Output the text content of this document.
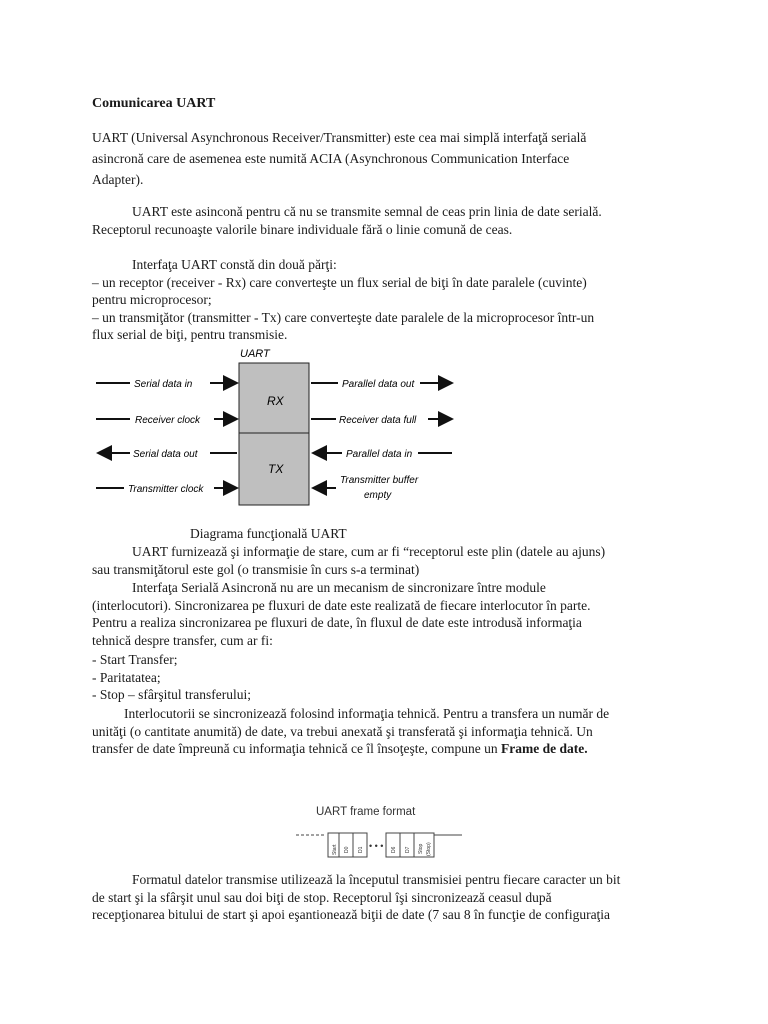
Comunicarea UART
UART (Universal Asynchronous Receiver/Transmitter) este cea mai simplă interfaţă serială
asincronă care de asemenea este numită ACIA (Asynchronous Communication Interface
Adapter).
UART este asinconă pentru că nu se transmite semnal de ceas prin linia de date serială.
Receptorul recunoaşte valorile binare individuale fără o linie comună de ceas.
Interfaţa UART constă din două părţi:
– un receptor (receiver - Rx) care converteşte un flux serial de biţi în date paralele (cuvinte)
pentru microprocesor;
– un transmiţător (transmitter - Tx) care converteşte date paralele de la microprocesor într-un
flux serial de biţi, pentru transmisie.
UART
RX
TX
Serial data in
Receiver clock
Serial data out
Transmitter clock
Parallel data out
Receiver data full
Parallel data in
Transmitter buffer
empty
Diagrama funcţională UART
UART furnizează şi informaţie de stare, cum ar fi “receptorul este plin (datele au ajuns)
sau transmiţătorul este gol (o transmisie în curs s-a terminat)
Interfaţa Serială Asincronă nu are un mecanism de sincronizare între module
(interlocutori). Sincronizarea pe fluxuri de date este realizată de fiecare interlocutor în parte.
Pentru a realiza sincronizarea pe fluxuri de date, în fluxul de date este introdusă informaţia
tehnică despre transfer, cum ar fi:
- Start Transfer;
- Paritatatea;
- Stop – sfârşitul transferului;
Interlocutorii se sincronizează folosind informaţia tehnică. Pentru a transfera un număr de
unităţi (o cantitate anumită) de date, va trebui anexată şi transferată şi informaţia tehnică. Un
transfer de date împreună cu informaţia tehnică ce îl însoţeşte, compune un Frame de date.
UART frame format
• • •
Start D0 D1	D6 D7 Stop (Stop)
Formatul datelor transmise utilizează la începutul transmisiei pentru fiecare caracter un bit
de start şi la sfârşit unul sau doi biţi de stop. Receptorul îşi sincronizează ceasul după
recepţionarea bitului de start şi apoi eşantionează biţii de date (7 sau 8 în funcţie de configuraţia
